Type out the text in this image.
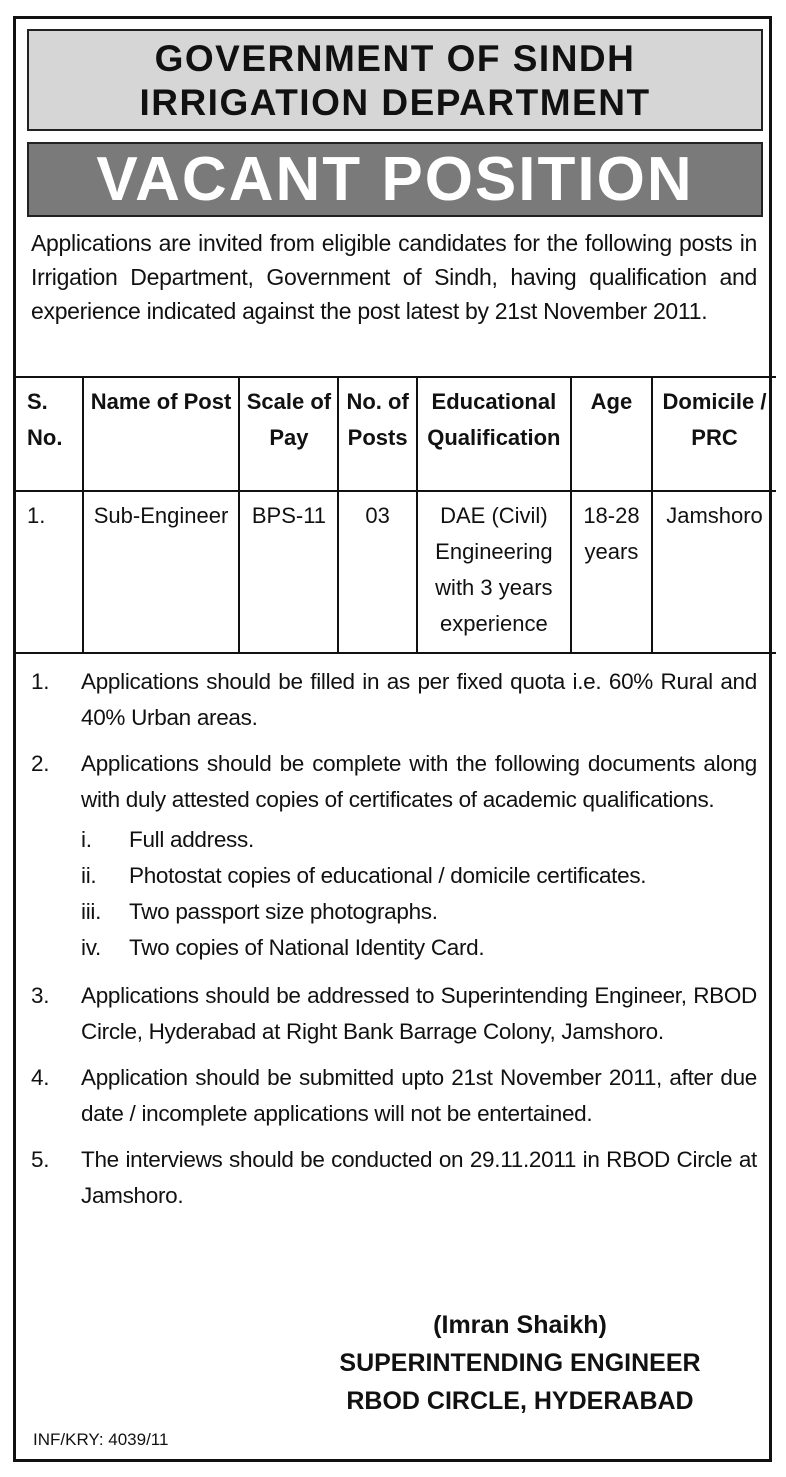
GOVERNMENT OF SINDH
IRRIGATION DEPARTMENT
VACANT POSITION
Applications are invited from eligible candidates for the following posts in Irrigation Department, Government of Sindh, having qualification and experience indicated against the post latest by 21st November 2011.
S. No.	Name of Post	Scale of Pay	No. of Posts	Educational Qualification	Age	Domicile / PRC
1.	Sub-Engineer	BPS-11	03	DAE (Civil) Engineering with 3 years experience	18-28 years	Jamshoro
1.	Applications should be filled in as per fixed quota i.e. 60% Rural and 40% Urban areas.
2.	Applications should be complete with the following documents along with duly attested copies of certificates of academic qualifications.
i.	Full address.
ii.	Photostat copies of educational / domicile certificates.
iii.	Two passport size photographs.
iv.	Two copies of National Identity Card.
3.	Applications should be addressed to Superintending Engineer, RBOD Circle, Hyderabad at Right Bank Barrage Colony, Jamshoro.
4.	Application should be submitted upto 21st November 2011, after due date / incomplete applications will not be entertained.
5.	The interviews should be conducted on 29.11.2011 in RBOD Circle at Jamshoro.
(Imran Shaikh)
SUPERINTENDING ENGINEER
RBOD CIRCLE, HYDERABAD
INF/KRY: 4039/11
